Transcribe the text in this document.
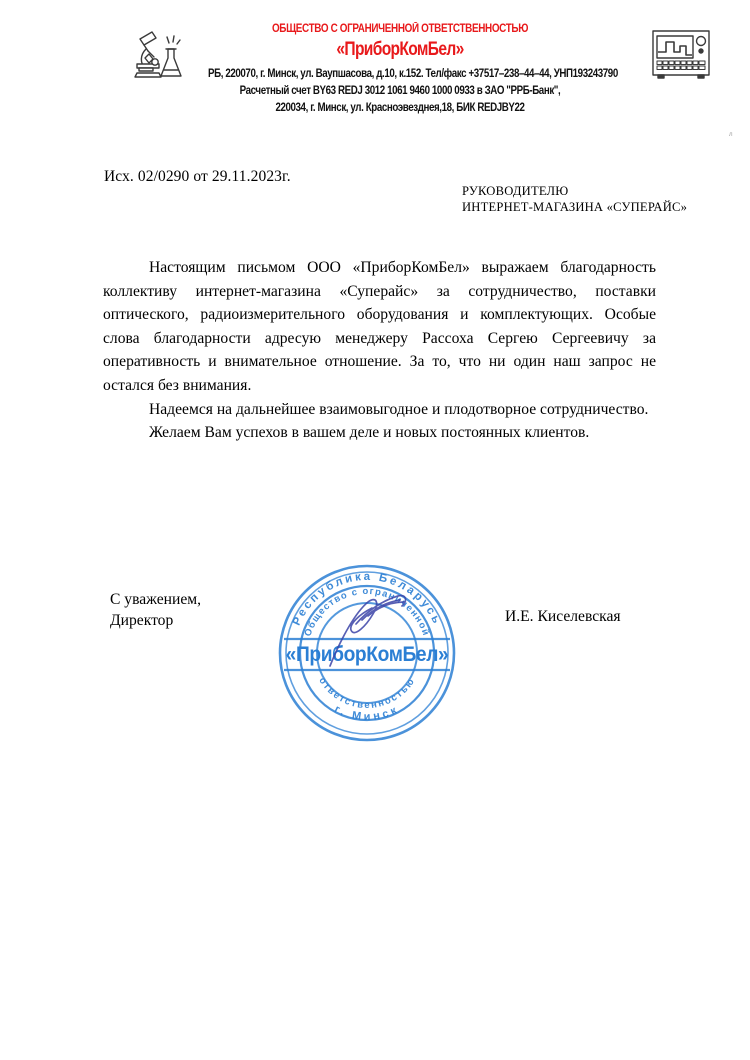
ОБЩЕСТВО С ОГРАНИЧЕННОЙ ОТВЕТСТВЕННОСТЬЮ
«ПриборКомБел»
РБ, 220070, г. Минск, ул. Ваупшасова, д.10, к.152. Тел/факс +37517–238–44–44, УНП193243790
Расчетный счет BY63 REDJ 3012 1061 9460 1000 0933 в ЗАО "РРБ-Банк",
220034, г. Минск, ул. Красноэвезднея,18, БИК REDJBY22
л
Исх. 02/0290 от 29.11.2023г.
РУКОВОДИТЕЛЮ
ИНТЕРНЕТ-МАГАЗИНА «СУПЕРАЙС»

Настоящим письмом ООО «ПриборКомБел» выражаем благодарность коллективу интернет-магазина «Суперайс» за сотрудничество, поставки оптического, радиоизмерительного оборудования и комплектующих. Особые слова благодарности адресую менеджеру Рассоха Сергею Сергеевичу за оперативность и внимательное отношение. За то, что ни один наш запрос не остался без внимания.

Надеемся на дальнейшее взаимовыгодное и плодотворное сотрудничество.

Желаем Вам успехов в вашем деле и новых постоянных клиентов.

С уважением,
Директор	И.Е. Киселевская
Республика Беларусь
г. Минск
Общество с ограниченной
ответственностью
«ПриборКомБел»
